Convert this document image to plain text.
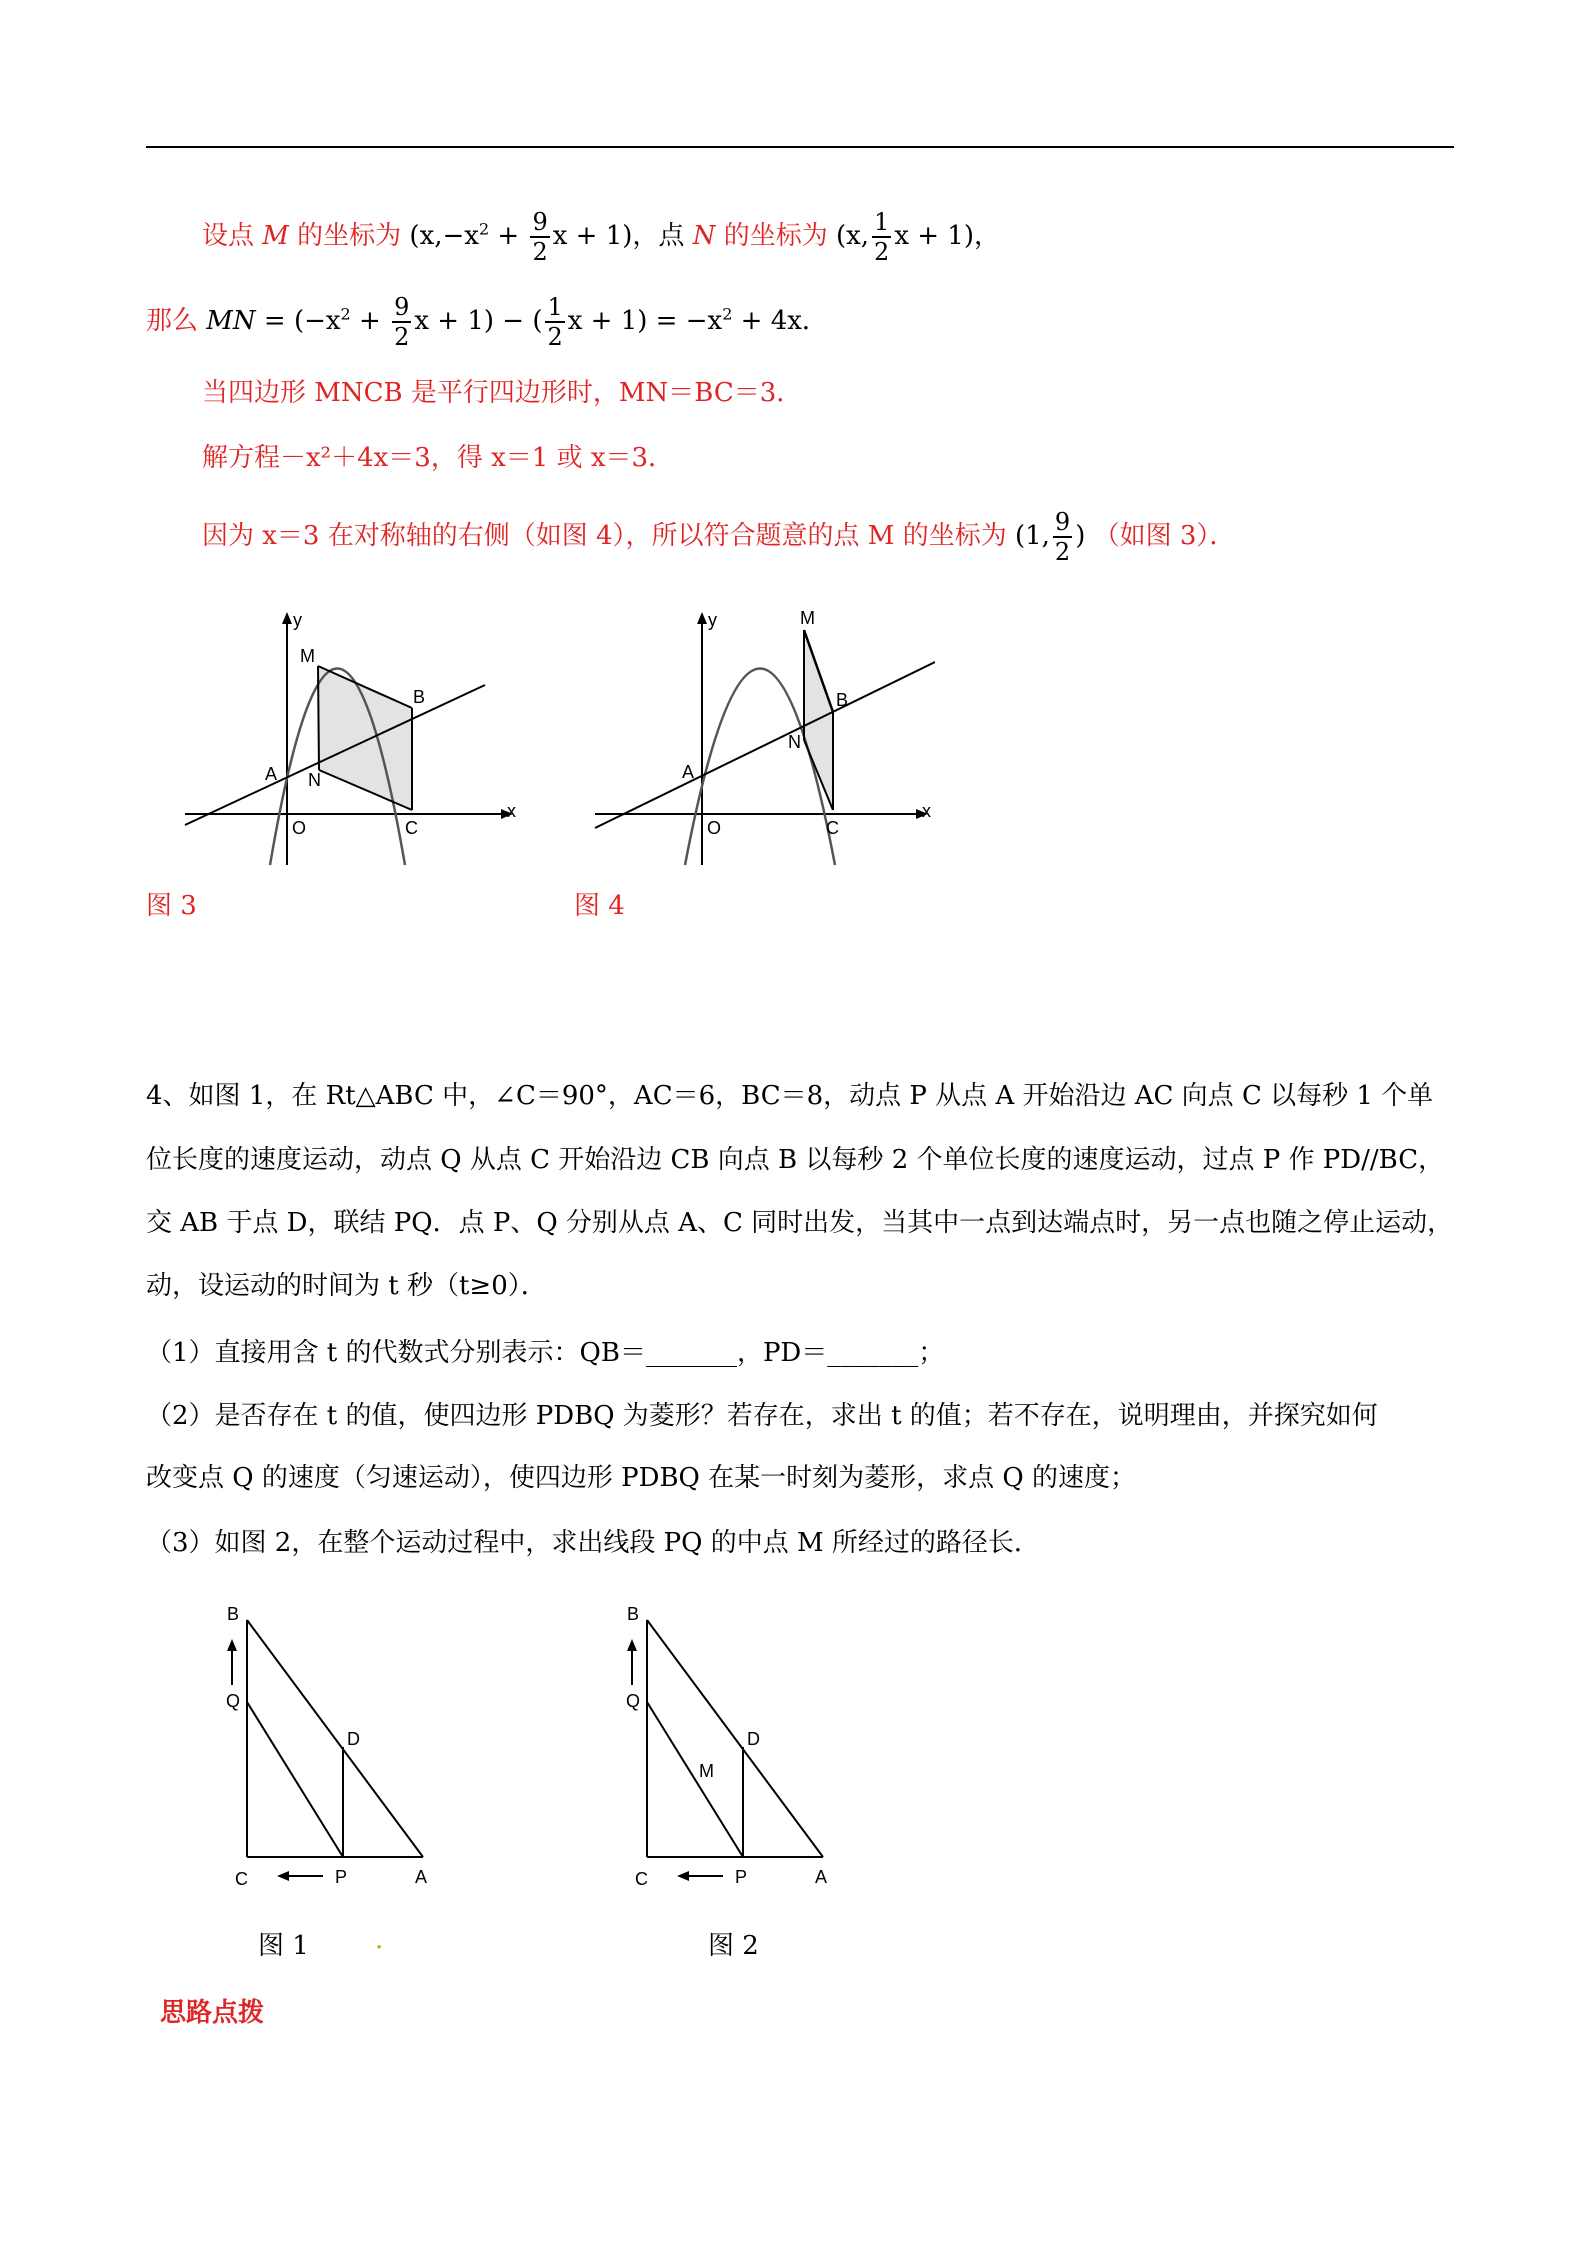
设点 M 的坐标为 ($x,-x^2 + \frac{9}{2}$ x + 1)，点 N 的坐标为 (x, $\frac{1}{2}$ x + 1)，
那么 MN = ($-x^2 + \frac{9}{2}$ x + 1) − ( $\frac{1}{2}$ $x + 1) = -x^2 + 4x$．
当四边形 MNCB 是平行四边形时，MN＝BC＝3．
解方程－x²＋4x＝3，得 x＝1 或 x＝3．
因为 x＝3 在对称轴的右侧（如图 4），所以符合题意的点 M 的坐标为 (1, $\frac{9}{2}$ ) （如图 3）．
y
x
M
B
A N
O	C
图 3
y
x
M
B
A
N
O	C
图 4
4、如图 1，在 Rt△ABC 中，∠C＝90°，AC＝6，BC＝8，动点 P 从点 A 开始沿边 AC 向点 C 以每秒 1 个单
位长度的速度运动，动点 Q 从点 C 开始沿边 CB 向点 B 以每秒 2 个单位长度的速度运动，过点 P 作 PD//BC，
交 AB 于点 D，联结 PQ．点 P、Q 分别从点 A、C 同时出发，当其中一点到达端点时，另一点也随之停止运动，
动，设运动的时间为 t 秒（t≥0）．
（1）直接用含 t 的代数式分别表示：QB＝_______，PD＝_______；
（2）是否存在 t 的值，使四边形 PDBQ 为菱形？若存在，求出 t 的值；若不存在，说明理由，并探究如何
改变点 Q 的速度（匀速运动），使四边形 PDBQ 在某一时刻为菱形，求点 Q 的速度；
（3）如图 2，在整个运动过程中，求出线段 PQ 的中点 M 所经过的路径长．
B
Q
D
C	P	A
图 1	.
B
Q
D
M
C	P	A
图 2
思路点拨
